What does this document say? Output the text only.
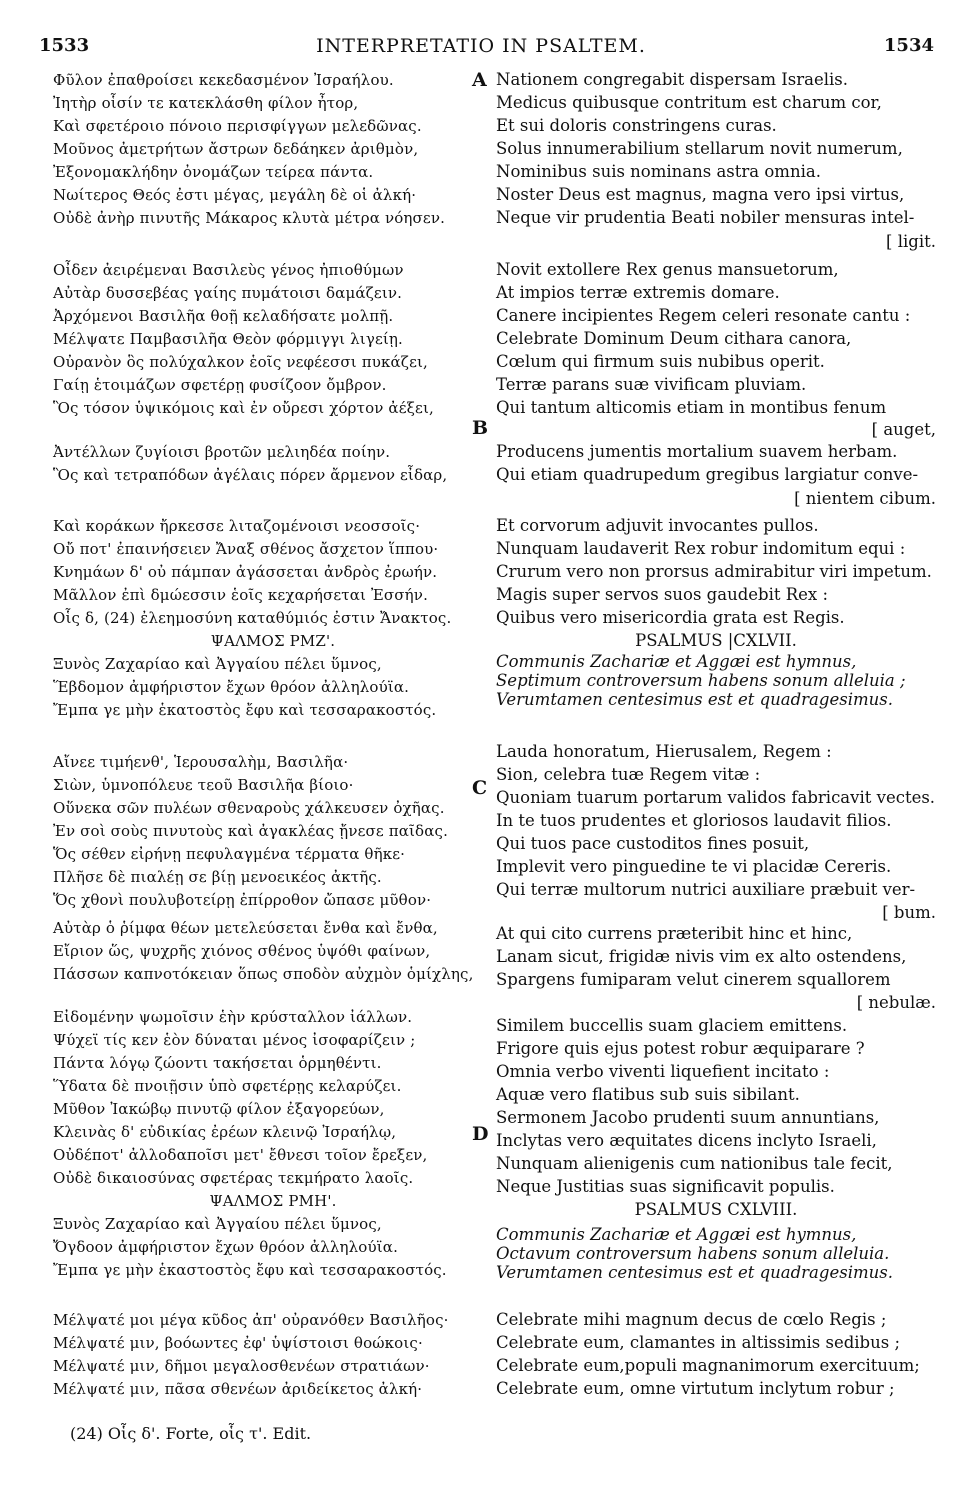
1533	INTERPRETATIO IN PSALTEM.	1534
Φῦλον ἐπαθροίσει κεκεδασμένον Ἰσραήλου.
Ἰητὴρ οἷσίν τε κατεκλάσθη φίλον ἦτορ,
Καὶ σφετέροιο πόνοιο περισφίγγων μελεδῶνας.
Μοῦνος ἀμετρήτων ἄστρων δεδάηκεν ἀριθμὸν,
Ἐξονομακλήδην ὀνομάζων τείρεα πάντα.
Νωίτερος Θεός ἐστι μέγας, μεγάλη δὲ οἱ ἀλκή·
Οὐδὲ ἀνὴρ πινυτῆς Μάκαρος κλυτὰ μέτρα νόησεν.
Οἶδεν ἀειρέμεναι Βασιλεὺς γένος ἠπιοθύμων
Αὐτὰρ δυσσεβέας γαίης πυμάτοισι δαμάζειν.
Ἀρχόμενοι Βασιλῆα θοῇ κελαδήσατε μολπῇ.
Μέλψατε Παμβασιλῆα Θεὸν φόρμιγγι λιγείῃ.
Οὐρανὸν ὃς πολύχαλκον ἑοῖς νεφέεσσι πυκάζει,
Γαίῃ ἑτοιμάζων σφετέρῃ φυσίζοον ὄμβρον.
Ὃς τόσον ὑψικόμοις καὶ ἐν οὔρεσι χόρτον ἀέξει,
Ἀντέλλων ζυγίοισι βροτῶν μελιηδέα ποίην.
Ὃς καὶ τετραπόδων ἀγέλαις πόρεν ἄρμενον εἶδαρ,
Καὶ κοράκων ἤρκεσσε λιταζομένοισι νεοσσοῖς·
Οὔ ποτ' ἐπαινήσειεν Ἄναξ σθένος ἄσχετον ἵππου·
Κνημάων δ' οὐ πάμπαν ἀγάσσεται ἀνδρὸς ἐρωήν.
Μᾶλλον ἐπὶ δμώεσσιν ἑοῖς κεχαρήσεται Ἐσσήν.
Οἷς δ, (24) ἐλεημοσύνη καταθύμιός ἐστιν Ἄνακτος.
ΨΑΛΜΟΣ ΡΜΖ'.
Ξυνὸς Ζαχαρίαο καὶ Ἀγγαίου πέλει ὕμνος,
Ἕβδομον ἀμφήριστον ἔχων θρόον ἀλληλούϊα.
Ἔμπα γε μὴν ἑκατοστὸς ἔφυ καὶ τεσσαρακοστός.
Αἴνεε τιμήενθ', Ἱερουσαλὴμ, Βασιλῆα·
Σιὼν, ὑμνοπόλευε τεοῦ Βασιλῆα βίοιο·
Οὕνεκα σῶν πυλέων σθεναροὺς χάλκευσεν ὀχῆας.
Ἐν σοὶ σοὺς πινυτοὺς καὶ ἀγακλέας ᾔνεσε παῖδας.
Ὅς σέθεν εἰρήνῃ πεφυλαγμένα τέρματα θῆκε·
Πλῆσε δὲ πιαλέῃ σε βίῃ μενοεικέος ἀκτῆς.
Ὅς χθονὶ πουλυβοτείρῃ ἐπίρροθον ὤπασε μῦθον·
Αὐτὰρ ὁ ῥίμφα θέων μετελεύσεται ἔνθα καὶ ἔνθα,
Εἴριον ὥς, ψυχρῆς χιόνος σθένος ὑψόθι φαίνων,
Πάσσων καπνοτόκειαν ὅπως σποδὸν αὐχμὸν ὁμίχλης,
Εἰδομένην ψωμοῖσιν ἑὴν κρύσταλλον ἰάλλων.
Ψύχεϊ τίς κεν ἑὸν δύναται μένος ἰσοφαρίζειν ;
Πάντα λόγῳ ζώοντι τακήσεται ὁρμηθέντι.
Ὕδατα δὲ πνοιῇσιν ὑπὸ σφετέρῃς κελαρύζει.
Μῦθον Ἰακώβῳ πινυτῷ φίλον ἐξαγορεύων,
Κλεινὰς δ' εὐδικίας ἐρέων κλεινῷ Ἰσραήλῳ,
Οὐδέποτ' ἀλλοδαποῖσι μετ' ἔθνεσι τοῖον ἔρεξεν,
Οὐδὲ δικαιοσύνας σφετέρας τεκμήρατο λαοῖς.
ΨΑΛΜΟΣ ΡΜΗ'.
Ξυνὸς Ζαχαρίαο καὶ Ἀγγαίου πέλει ὕμνος,
Ὄγδοον ἀμφήριστον ἔχων θρόον ἀλληλούϊα.
Ἔμπα γε μὴν ἑκαστοστὸς ἔφυ καὶ τεσσαρακοστός.
Μέλψατέ μοι μέγα κῦδος ἀπ' οὐρανόθεν Βασιλῆος·
Μέλψατέ μιν, βοόωντες ἐφ' ὑψίστοισι θοώκοις·
Μέλψατέ μιν, δῆμοι μεγαλοσθενέων στρατιάων·
Μέλψατέ μιν, πᾶσα σθενέων ἀριδείκετος ἀλκή·
Nationem congregabit dispersam Israelis.
Medicus quibusque contritum est charum cor,
Et sui doloris constringens curas.
Solus innumerabilium stellarum novit numerum,
Nominibus suis nominans astra omnia.
Noster Deus est magnus, magna vero ipsi virtus,
Neque vir prudentia Beati nobiler mensuras intel-
[ ligit.
Novit extollere Rex genus mansuetorum,
At impios terræ extremis domare.
Canere incipientes Regem celeri resonate cantu :
Celebrate Dominum Deum cithara canora,
Cœlum qui firmum suis nubibus operit.
Terræ parans suæ vivificam pluviam.
Qui tantum alticomis etiam in montibus fenum
[ auget,
Producens jumentis mortalium suavem herbam.
Qui etiam quadrupedum gregibus largiatur conve-
[ nientem cibum.
Et corvorum adjuvit invocantes pullos.
Nunquam laudaverit Rex robur indomitum equi :
Crurum vero non prorsus admirabitur viri impetum.
Magis super servos suos gaudebit Rex :
Quibus vero misericordia grata est Regis.
PSALMUS |CXLVII.
Communis Zachariæ et Aggæi est hymnus,
Septimum controversum habens sonum alleluia ;
Verumtamen centesimus est et quadragesimus.
Lauda honoratum, Hierusalem, Regem :
Sion, celebra tuæ Regem vitæ :
Quoniam tuarum portarum validos fabricavit vectes.
In te tuos prudentes et gloriosos laudavit filios.
Qui tuos pace custoditos fines posuit,
Implevit vero pinguedine te vi placidæ Cereris.
Qui terræ multorum nutrici auxiliare præbuit ver-
[ bum.
At qui cito currens præteribit hinc et hinc,
Lanam sicut, frigidæ nivis vim ex alto ostendens,
Spargens fumiparam velut cinerem squallorem
[ nebulæ.
Similem buccellis suam glaciem emittens.
Frigore quis ejus potest robur æquiparare ?
Omnia verbo viventi liquefient incitato :
Aquæ vero flatibus sub suis sibilant.
Sermonem Jacobo prudenti suum annuntians,
Inclytas vero æquitates dicens inclyto Israeli,
Nunquam alienigenis cum nationibus tale fecit,
Neque Justitias suas significavit populis.
PSALMUS CXLVIII.
Communis Zachariæ et Aggæi est hymnus,
Octavum controversum habens sonum alleluia.
Verumtamen centesimus est et quadragesimus.
Celebrate mihi magnum decus de cœlo Regis ;
Celebrate eum, clamantes in altissimis sedibus ;
Celebrate eum,populi magnanimorum exercituum;
Celebrate eum, omne virtutum inclytum robur ;
A
B
C
D
(24) Οἷς δ'. Forte, οἷς τ'. Edit.
